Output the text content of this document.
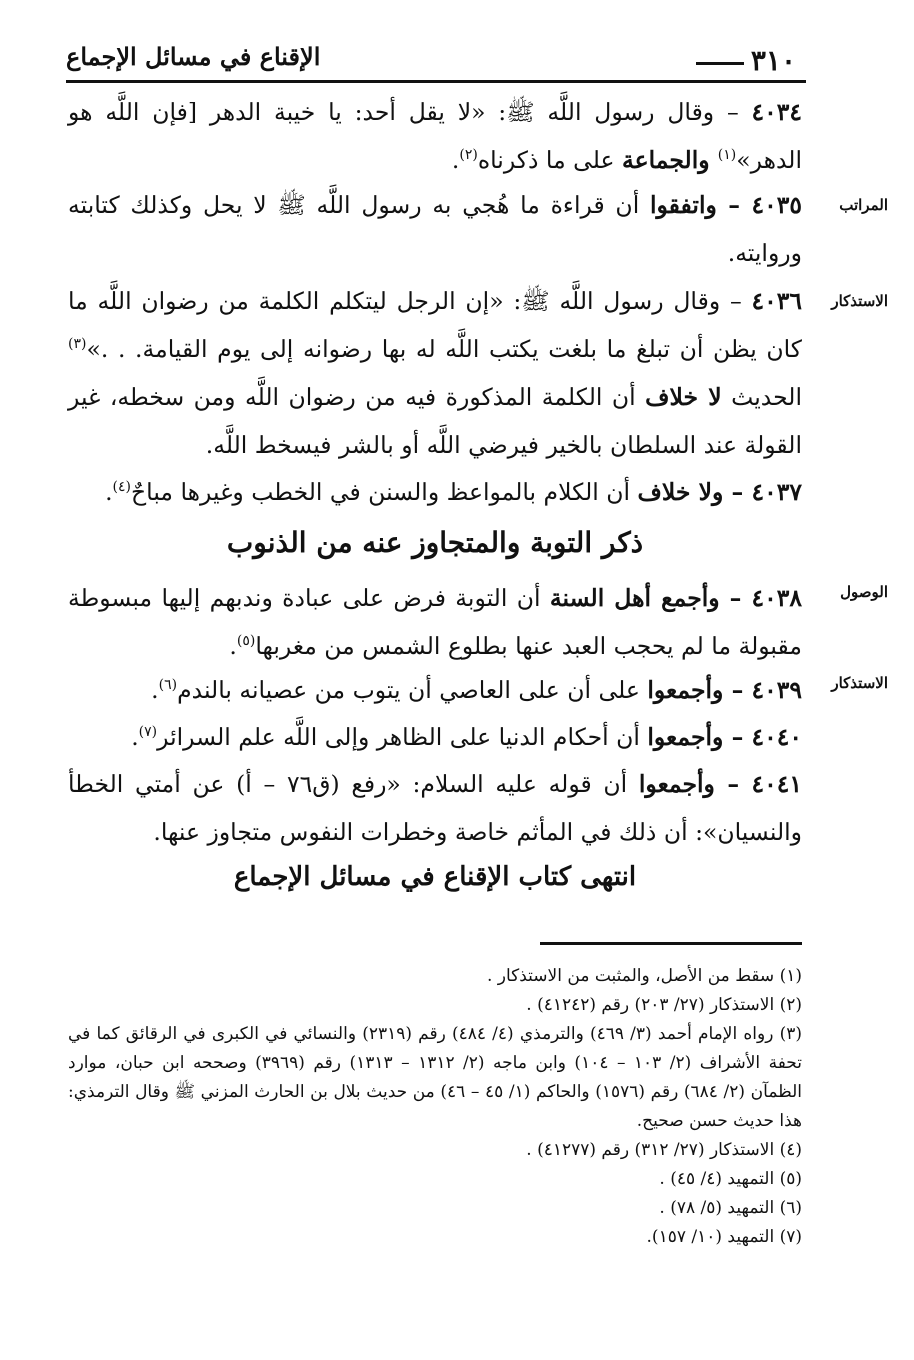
٣١٠
الإقناع في مسائل الإجماع
المراتب
الاستذكار
الوصول
الاستذكار
٤٠٣٤ – وقال رسول اللَّه ﷺ: «لا يقل أحد: يا خيبة الدهر [فإن اللَّه هو الدهر»$^{(١)}$ والجماعة على ما ذكرناه$^{(٢)}$.
٤٠٣٥ – واتفقوا أن قراءة ما هُجي به رسول اللَّه ﷺ لا يحل وكذلك كتابته وروايته.
٤٠٣٦ – وقال رسول اللَّه ﷺ: «إن الرجل ليتكلم الكلمة من رضوان اللَّه ما كان يظن أن تبلغ ما بلغت يكتب اللَّه له بها رضوانه إلى يوم القيامة. . .»$^{(٣)}$ الحديث لا خلاف أن الكلمة المذكورة فيه من رضوان اللَّه ومن سخطه، غير القولة عند السلطان بالخير فيرضي اللَّه أو بالشر فيسخط اللَّه.
٤٠٣٧ – ولا خلاف أن الكلام بالمواعظ والسنن في الخطب وغيرها مباحٌ$^{(٤)}$.
ذكر التوبة والمتجاوز عنه من الذنوب
٤٠٣٨ – وأجمع أهل السنة أن التوبة فرض على عبادة وندبهم إليها مبسوطة مقبولة ما لم يحجب العبد عنها بطلوع الشمس من مغربها$^{(٥)}$.
٤٠٣٩ – وأجمعوا على أن على العاصي أن يتوب من عصيانه بالندم$^{(٦)}$.
٤٠٤٠ – وأجمعوا أن أحكام الدنيا على الظاهر وإلى اللَّه علم السرائر$^{(٧)}$.
٤٠٤١ – وأجمعوا أن قوله عليه السلام: «رفع (ق٧٦ – أ) عن أمتي الخطأ والنسيان»: أن ذلك في المأثم خاصة وخطرات النفوس متجاوز عنها.
انتهى كتاب الإقناع في مسائل الإجماع
(١) سقط من الأصل، والمثبت من الاستذكار .
(٢) الاستذكار (٢٧/ ٢٠٣) رقم (٤١٢٤٢) .
(٣) رواه الإمام أحمد (٣/ ٤٦٩) والترمذي (٤/ ٤٨٤) رقم (٢٣١٩) والنسائي في الكبرى في الرقائق كما في تحفة الأشراف (٢/ ١٠٣ – ١٠٤) وابن ماجه (٢/ ١٣١٢ – ١٣١٣) رقم (٣٩٦٩) وصححه ابن حبان، موارد الظمآن (٢/ ٦٨٤) رقم (١٥٧٦) والحاكم (١/ ٤٥ – ٤٦) من حديث بلال بن الحارث المزني ﷺ وقال الترمذي: هذا حديث حسن صحيح.
(٤) الاستذكار (٢٧/ ٣١٢) رقم (٤١٢٧٧) .
(٥) التمهيد (٤/ ٤٥) .
(٦) التمهيد (٥/ ٧٨) .
(٧) التمهيد (١٠/ ١٥٧).
